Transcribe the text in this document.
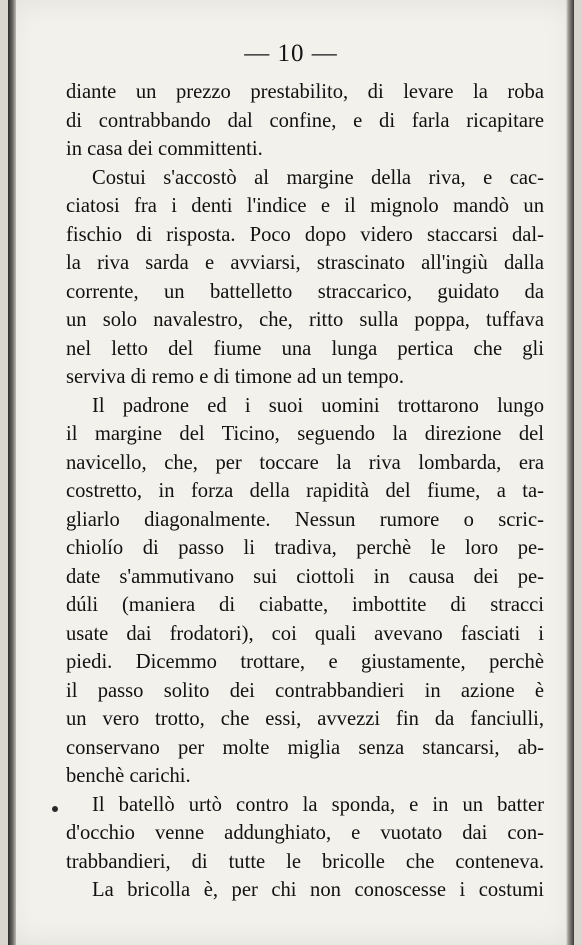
— 10 —
diante un prezzo prestabilito, di levare la roba
di contrabbando dal confine, e di farla ricapitare
in casa dei committenti.
Costui s'accostò al margine della riva, e cac-
ciatosi fra i denti l'indice e il mignolo mandò un
fischio di risposta. Poco dopo videro staccarsi dal-
la riva sarda e avviarsi, strascinato all'ingiù dalla
corrente, un battelletto straccarico, guidato da
un solo navalestro, che, ritto sulla poppa, tuffava
nel letto del fiume una lunga pertica che gli
serviva di remo e di timone ad un tempo.
Il padrone ed i suoi uomini trottarono lungo
il margine del Ticino, seguendo la direzione del
navicello, che, per toccare la riva lombarda, era
costretto, in forza della rapidità del fiume, a ta-
gliarlo diagonalmente. Nessun rumore o scric-
chiolío di passo li tradiva, perchè le loro pe-
date s'ammutivano sui ciottoli in causa dei pe-
dúli (maniera di ciabatte, imbottite di stracci
usate dai frodatori), coi quali avevano fasciati i
piedi. Dicemmo trottare, e giustamente, perchè
il passo solito dei contrabbandieri in azione è
un vero trotto, che essi, avvezzi fin da fanciulli,
conservano per molte miglia senza stancarsi, ab-
benchè carichi.
Il batellò urtò contro la sponda, e in un batter
d'occhio venne addunghiato, e vuotato dai con-
trabbandieri, di tutte le bricolle che conteneva.
La bricolla è, per chi non conoscesse i costumi
